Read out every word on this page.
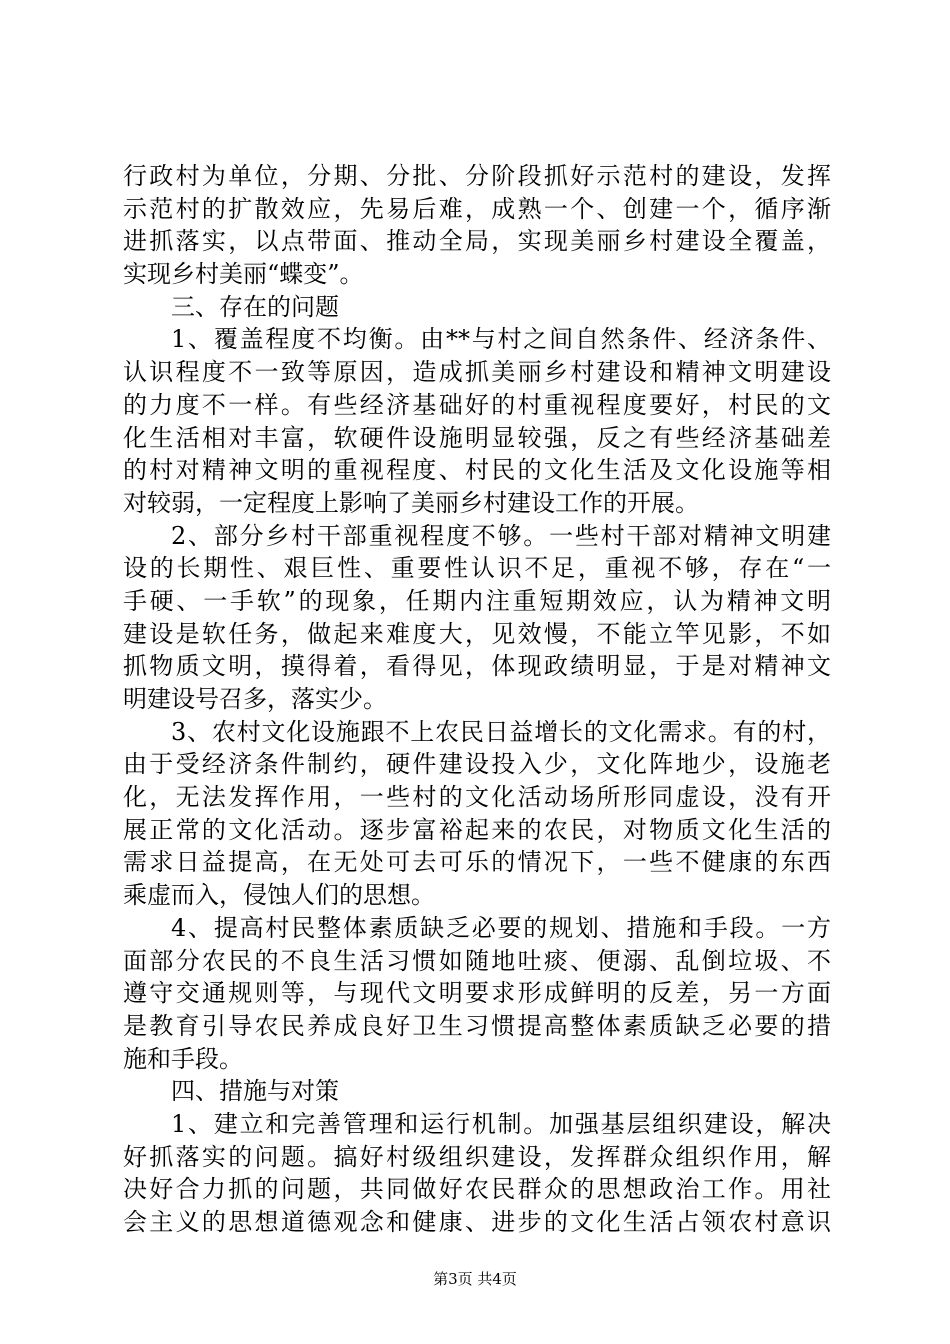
行政村为单位，分期、分批、分阶段抓好示范村的建设，发挥
示范村的扩散效应，先易后难，成熟一个、创建一个，循序渐
进抓落实，以点带面、推动全局，实现美丽乡村建设全覆盖，
实现乡村美丽“蝶变”。
三、存在的问题
1、覆盖程度不均衡。由**与村之间自然条件、经济条件、
认识程度不一致等原因，造成抓美丽乡村建设和精神文明建设
的力度不一样。有些经济基础好的村重视程度要好，村民的文
化生活相对丰富，软硬件设施明显较强，反之有些经济基础差
的村对精神文明的重视程度、村民的文化生活及文化设施等相
对较弱，一定程度上影响了美丽乡村建设工作的开展。
2、部分乡村干部重视程度不够。一些村干部对精神文明建
设的长期性、艰巨性、重要性认识不足，重视不够，存在“一
手硬、一手软”的现象，任期内注重短期效应，认为精神文明
建设是软任务，做起来难度大，见效慢，不能立竿见影，不如
抓物质文明，摸得着，看得见，体现政绩明显，于是对精神文
明建设号召多，落实少。
3、农村文化设施跟不上农民日益增长的文化需求。有的村，
由于受经济条件制约，硬件建设投入少，文化阵地少，设施老
化，无法发挥作用，一些村的文化活动场所形同虚设，没有开
展正常的文化活动。逐步富裕起来的农民，对物质文化生活的
需求日益提高，在无处可去可乐的情况下，一些不健康的东西
乘虚而入，侵蚀人们的思想。
4、提高村民整体素质缺乏必要的规划、措施和手段。一方
面部分农民的不良生活习惯如随地吐痰、便溺、乱倒垃圾、不
遵守交通规则等，与现代文明要求形成鲜明的反差，另一方面
是教育引导农民养成良好卫生习惯提高整体素质缺乏必要的措
施和手段。
四、措施与对策
1、建立和完善管理和运行机制。加强基层组织建设，解决
好抓落实的问题。搞好村级组织建设，发挥群众组织作用，解
决好合力抓的问题，共同做好农民群众的思想政治工作。用社
会主义的思想道德观念和健康、进步的文化生活占领农村意识
第3页 共4页
